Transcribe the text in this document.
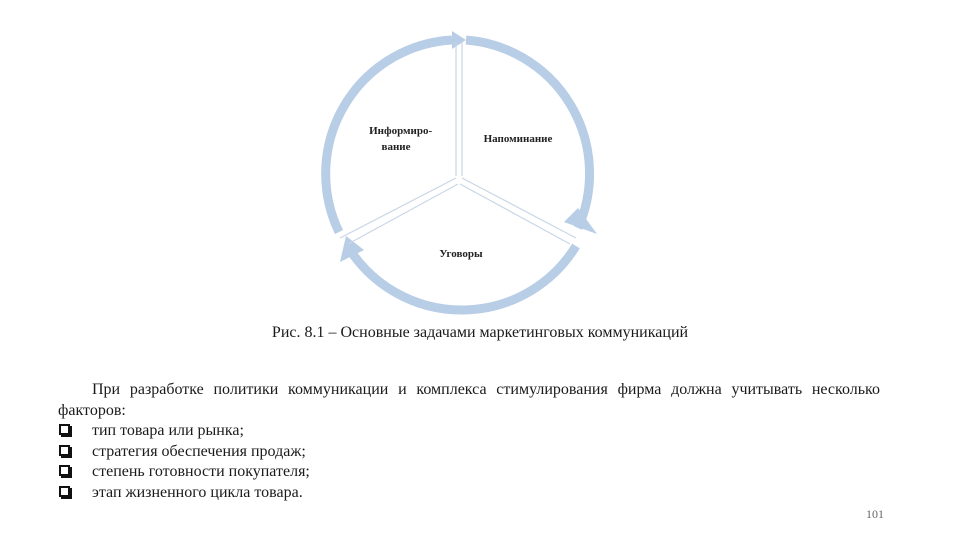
Информиро- вание
Напоминание
Уговоры
Рис. 8.1 – Основные задачами маркетинговых коммуникаций

При разработке политики коммуникации и комплекса стимулирования фирма должна учитывать несколько факторов:

тип товара или рынка;
стратегия обеспечения продаж;
степень готовности покупателя;
этап жизненного цикла товара.
101
